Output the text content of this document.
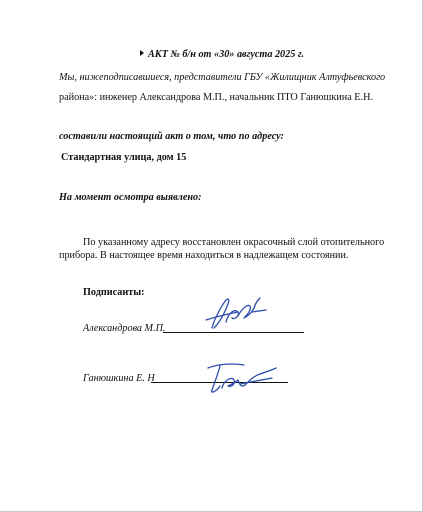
АКТ № б/н от «30» августа 2025 г.
Мы, нижеподписавшиеся, представители ГБУ «Жилищник Алтуфьевского
района»: инженер Александрова М.П., начальник ПТО Ганюшкина Е.Н.
составили настоящий акт о том, что по адресу:
Стандартная улица, дом 15
На момент осмотра выявлено:
По указанному адресу восстановлен окрасочный слой отопительного
прибора. В настоящее время находиться в надлежащем состоянии.
Подписанты:
Александрова М.П.
Ганюшкина Е. Н
